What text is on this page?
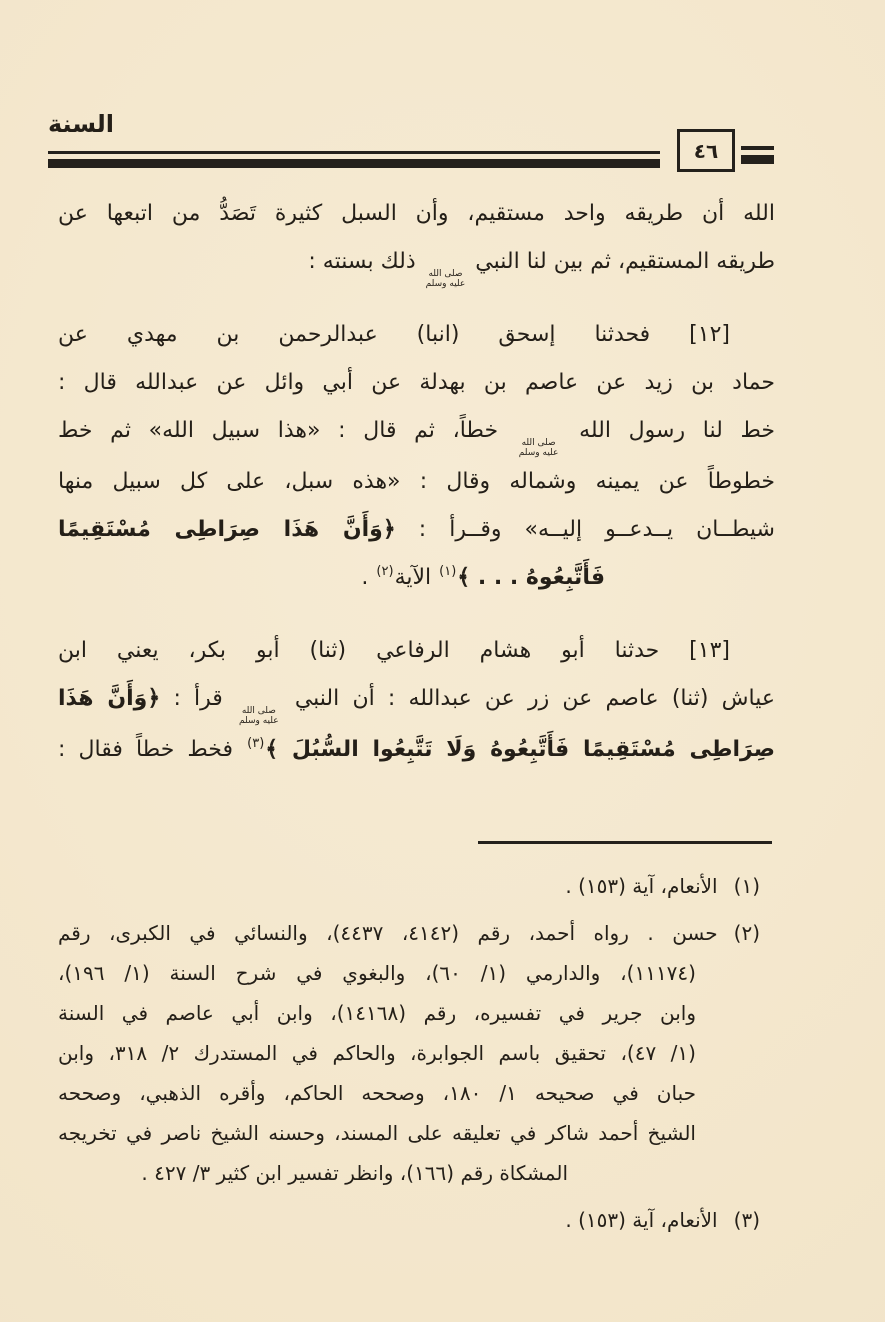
السنة
٤٦
الله أن طريقه واحد مستقيم، وأن السبل كثيرة تَصَدُّ من اتبعها عن
طريقه المستقيم، ثم بين لنا النبي
صلى الله
عليه وسلم
ذلك بسنته :
[١٢] فحدثنا إسحق (انبا) عبدالرحمن بن مهدي عن
حماد بن زيد عن عاصم بن بهدلة عن أبي وائل عن عبدالله قال :
خط لنا رسول الله
صلى الله
عليه وسلم
خطاً، ثم قال : «هذا سبيل الله» ثم خط
خطوطاً عن يمينه وشماله وقال : «هذه سبل، على كل سبيل منها
شيطــان يــدعــو إليــه» وقــرأ : ﴿وَأَنَّ هَذَا صِرَاطِى مُسْتَقِيمًا
فَأَتَّبِعُوهُ . . . ﴾$^{(١)}$ الآية$^{(٢)}$ .
[١٣] حدثنا أبو هشام الرفاعي (ثنا) أبو بكر، يعني ابن
عياش (ثنا) عاصم عن زر عن عبدالله : أن النبي
صلى الله
عليه وسلم
قرأ : ﴿وَأَنَّ هَذَا
صِرَاطِى مُسْتَقِيمًا فَأَتَّبِعُوهُ وَلَا تَتَّبِعُوا السُّبُلَ ﴾$^{(٣)}$ فخط خطاً فقال :
(١)الأنعام، آية (١٥٣) .
(٢)حسن . رواه أحمد، رقم (٤١٤٢، ٤٤٣٧)، والنسائي في الكبرى، رقم
(١١١٧٤)، والدارمي (١/ ٦٠)، والبغوي في شرح السنة (١/ ١٩٦)،
وابن جرير في تفسيره، رقم (١٤١٦٨)، وابن أبي عاصم في السنة
(١/ ٤٧)، تحقيق باسم الجوابرة، والحاكم في المستدرك ٢/ ٣١٨، وابن
حبان في صحيحه ١/ ١٨٠، وصححه الحاكم، وأقره الذهبي، وصححه
الشيخ أحمد شاكر في تعليقه على المسند، وحسنه الشيخ ناصر في تخريجه
المشكاة رقم (١٦٦)، وانظر تفسير ابن كثير ٣/ ٤٢٧ .
(٣)الأنعام، آية (١٥٣) .
